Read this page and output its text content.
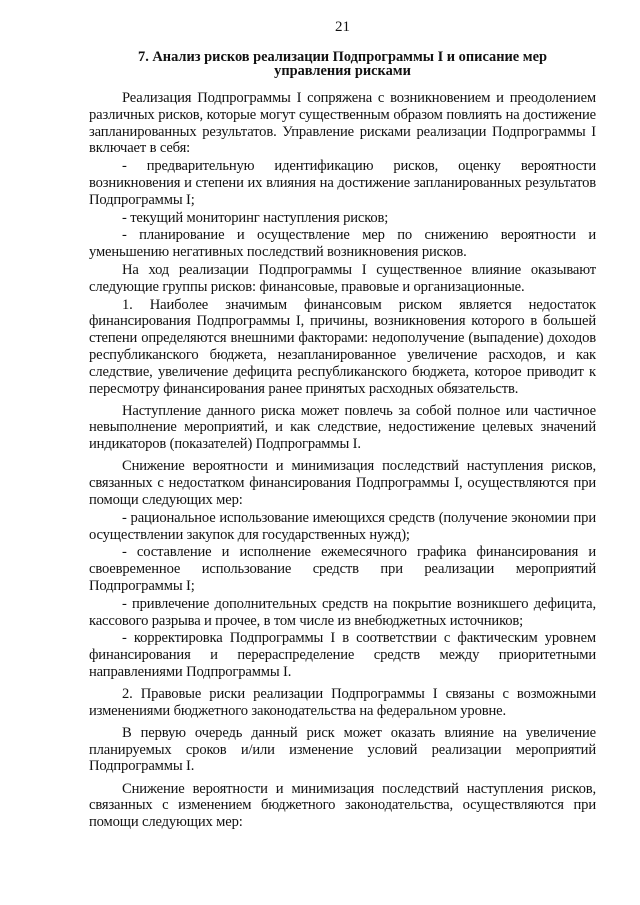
21
7. Анализ рисков реализации Подпрограммы I и описание мер
управления рисками
Реализация Подпрограммы I сопряжена с возникновением и преодолением различных рисков, которые могут существенным образом повлиять на достижение запланированных результатов. Управление рисками реализации Подпрограммы I включает в себя:
- предварительную идентификацию рисков, оценку вероятности возникновения и степени их влияния на достижение запланированных результатов Подпрограммы I;
- текущий мониторинг наступления рисков;
- планирование и осуществление мер по снижению вероятности и уменьшению негативных последствий возникновения рисков.
На ход реализации Подпрограммы I существенное влияние оказывают следующие группы рисков: финансовые, правовые и организационные.
1. Наиболее значимым финансовым риском является недостаток финансирования Подпрограммы I, причины, возникновения которого в большей степени определяются внешними факторами: недополучение (выпадение) доходов республиканского бюджета, незапланированное увеличение расходов, и как следствие, увеличение дефицита республиканского бюджета, которое приводит к пересмотру финансирования ранее принятых расходных обязательств.
Наступление данного риска может повлечь за собой полное или частичное невыполнение мероприятий, и как следствие, недостижение целевых значений индикаторов (показателей) Подпрограммы I.
Снижение вероятности и минимизация последствий наступления рисков, связанных с недостатком финансирования Подпрограммы I, осуществляются при помощи следующих мер:
- рациональное использование имеющихся средств (получение экономии при осуществлении закупок для государственных нужд);
- составление и исполнение ежемесячного графика финансирования и своевременное использование средств при реализации мероприятий Подпрограммы I;
- привлечение дополнительных средств на покрытие возникшего дефицита, кассового разрыва и прочее, в том числе из внебюджетных источников;
- корректировка Подпрограммы I в соответствии с фактическим уровнем финансирования и перераспределение средств между приоритетными направлениями Подпрограммы I.
2. Правовые риски реализации Подпрограммы I связаны с возможными изменениями бюджетного законодательства на федеральном уровне.
В первую очередь данный риск может оказать влияние на увеличение планируемых сроков и/или изменение условий реализации мероприятий Подпрограммы I.
Снижение вероятности и минимизация последствий наступления рисков, связанных с изменением бюджетного законодательства, осуществляются при помощи следующих мер:
